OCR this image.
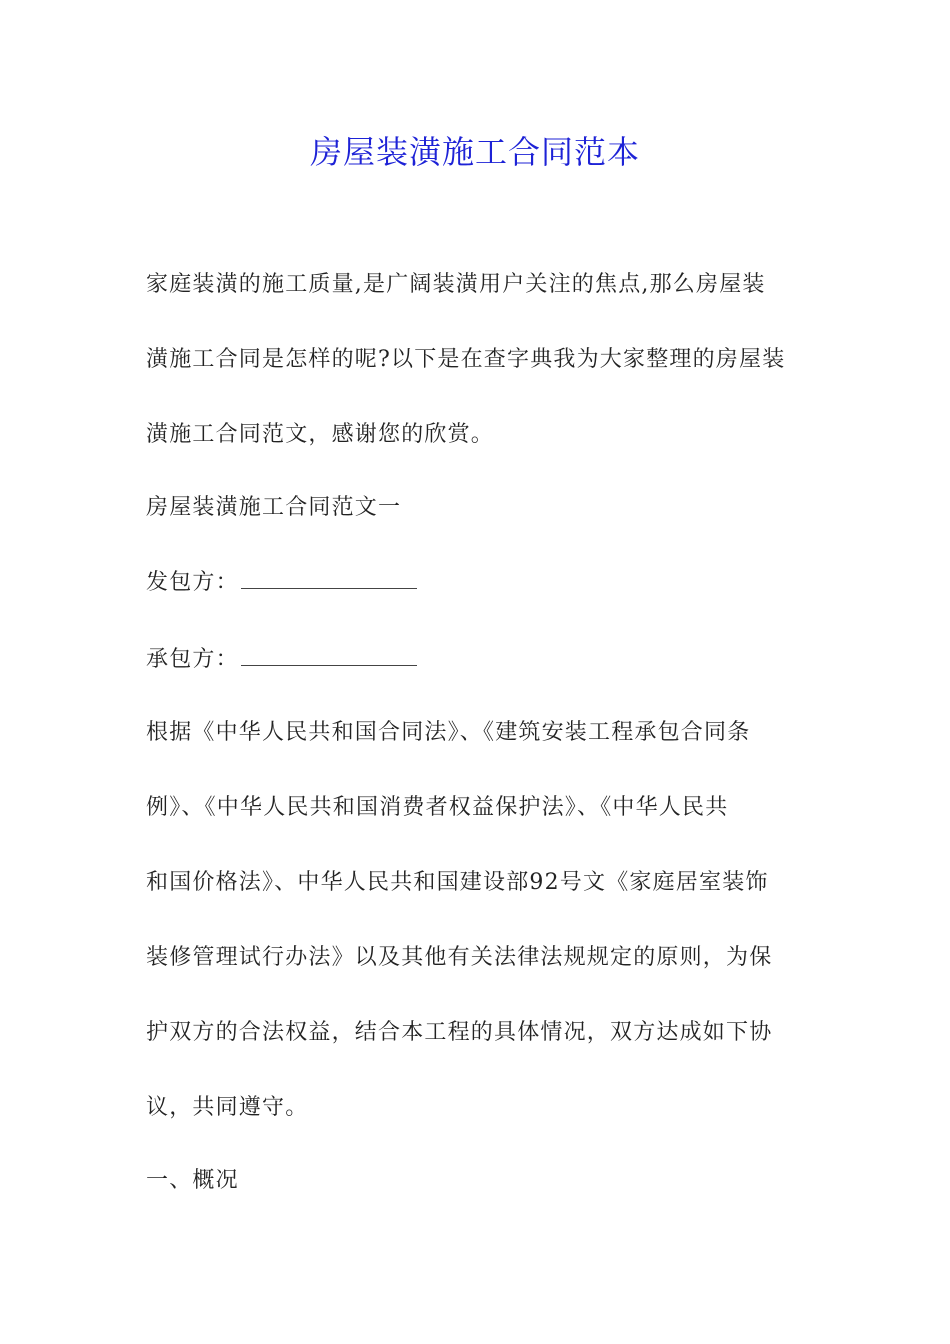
房屋装潢施工合同范本
家庭装潢的施工质量,是广阔装潢用户关注的焦点,那么房屋装
潢施工合同是怎样的呢?以下是在查字典我为大家整理的房屋装
潢施工合同范文，感谢您的欣赏。
房屋装潢施工合同范文一
发包方：
承包方：
根据《中华人民共和国合同法》、《建筑安装工程承包合同条
例》、《中华人民共和国消费者权益保护法》、《中华人民共
和国价格法》、中华人民共和国建设部92号文《家庭居室装饰
装修管理试行办法》以及其他有关法律法规规定的原则，为保
护双方的合法权益，结合本工程的具体情况，双方达成如下协
议，共同遵守。
一、概况
